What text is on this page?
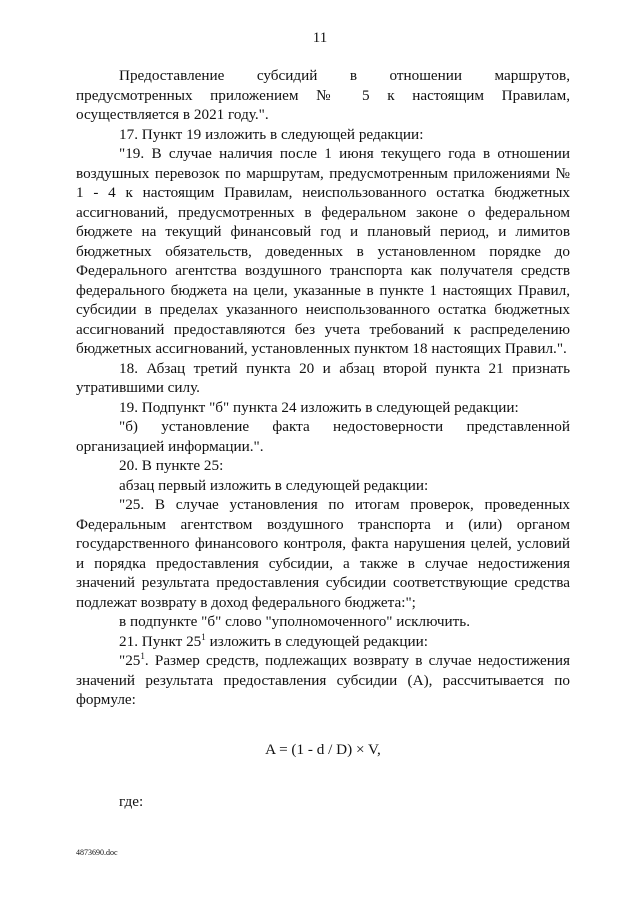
11

Предоставление субсидий в отношении маршрутов,

предусмотренных приложением № 5 к настоящим Правилам,

осуществляется в 2021 году.".

17. Пункт 19 изложить в следующей редакции:

"19. В случае наличия после 1 июня текущего года в отношении воздушных перевозок по маршрутам, предусмотренным приложениями № 1 - 4 к настоящим Правилам, неиспользованного остатка бюджетных ассигнований, предусмотренных в федеральном законе о федеральном бюджете на текущий финансовый год и плановый период, и лимитов бюджетных обязательств, доведенных в установленном порядке до Федерального агентства воздушного транспорта как получателя средств федерального бюджета на цели, указанные в пункте 1 настоящих Правил, субсидии в пределах указанного неиспользованного остатка бюджетных ассигнований предоставляются без учета требований к распределению бюджетных ассигнований, установленных пунктом 18 настоящих Правил.".

18. Абзац третий пункта 20 и абзац второй пункта 21 признать утратившими силу.

19. Подпункт "б" пункта 24 изложить в следующей редакции:

"б) установление факта недостоверности представленной организацией информации.".

20. В пункте 25:

абзац первый изложить в следующей редакции:

"25. В случае установления по итогам проверок, проведенных Федеральным агентством воздушного транспорта и (или) органом государственного финансового контроля, факта нарушения целей, условий и порядка предоставления субсидии, а также в случае недостижения значений результата предоставления субсидии соответствующие средства подлежат возврату в доход федерального бюджета:";

в подпункте "б" слово "уполномоченного" исключить.

21. Пункт $25^1$ изложить в следующей редакции:

"$25^1$. Размер средств, подлежащих возврату в случае недостижения значений результата предоставления субсидии (А), рассчитывается по формуле:

A = (1 - d / D) × V,

где:

4873690.doc
